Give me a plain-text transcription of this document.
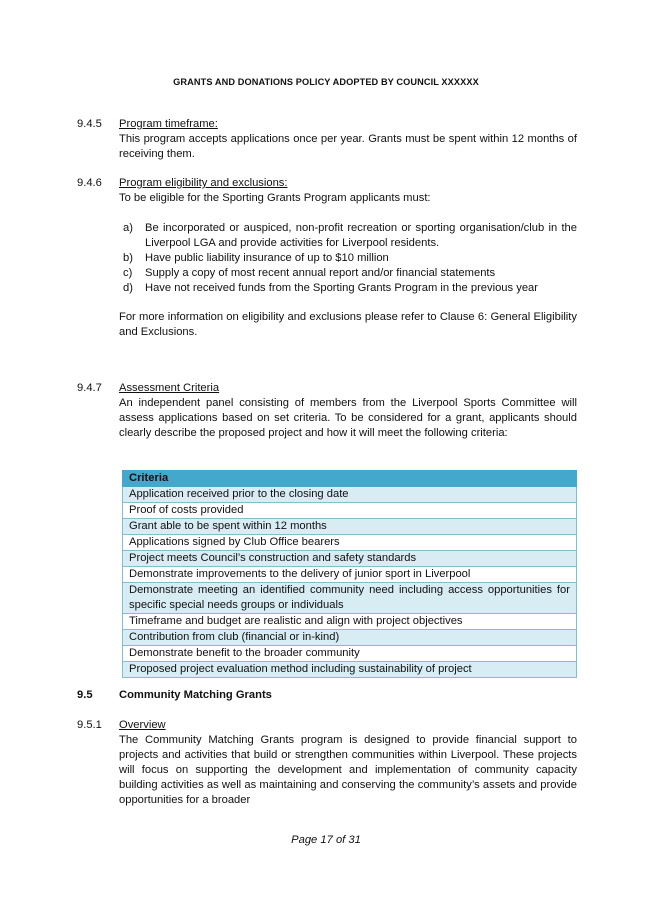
GRANTS AND DONATIONS POLICY ADOPTED BY COUNCIL XXXXXX
9.4.5	Program timeframe:
This program accepts applications once per year. Grants must be spent within 12 months of receiving them.
9.4.6	Program eligibility and exclusions:
To be eligible for the Sporting Grants Program applicants must:
a) Be incorporated or auspiced, non-profit recreation or sporting organisation/club in the Liverpool LGA and provide activities for Liverpool residents.
b) Have public liability insurance of up to $10 million
c) Supply a copy of most recent annual report and/or financial statements
d) Have not received funds from the Sporting Grants Program in the previous year
For more information on eligibility and exclusions please refer to Clause 6: General Eligibility and Exclusions.
9.4.7	Assessment Criteria
An independent panel consisting of members from the Liverpool Sports Committee will assess applications based on set criteria. To be considered for a grant, applicants should clearly describe the proposed project and how it will meet the following criteria:
Criteria
Application received prior to the closing date
Proof of costs provided
Grant able to be spent within 12 months
Applications signed by Club Office bearers
Project meets Council’s construction and safety standards
Demonstrate improvements to the delivery of junior sport in Liverpool
Demonstrate meeting an identified community need including access opportunities for specific special needs groups or individuals
Timeframe and budget are realistic and align with project objectives
Contribution from club (financial or in-kind)
Demonstrate benefit to the broader community
Proposed project evaluation method including sustainability of project
9.5	Community Matching Grants
9.5.1	Overview
The Community Matching Grants program is designed to provide financial support to projects and activities that build or strengthen communities within Liverpool. These projects will focus on supporting the development and implementation of community capacity building activities as well as maintaining and conserving the community’s assets and provide opportunities for a broader
Page 17 of 31
